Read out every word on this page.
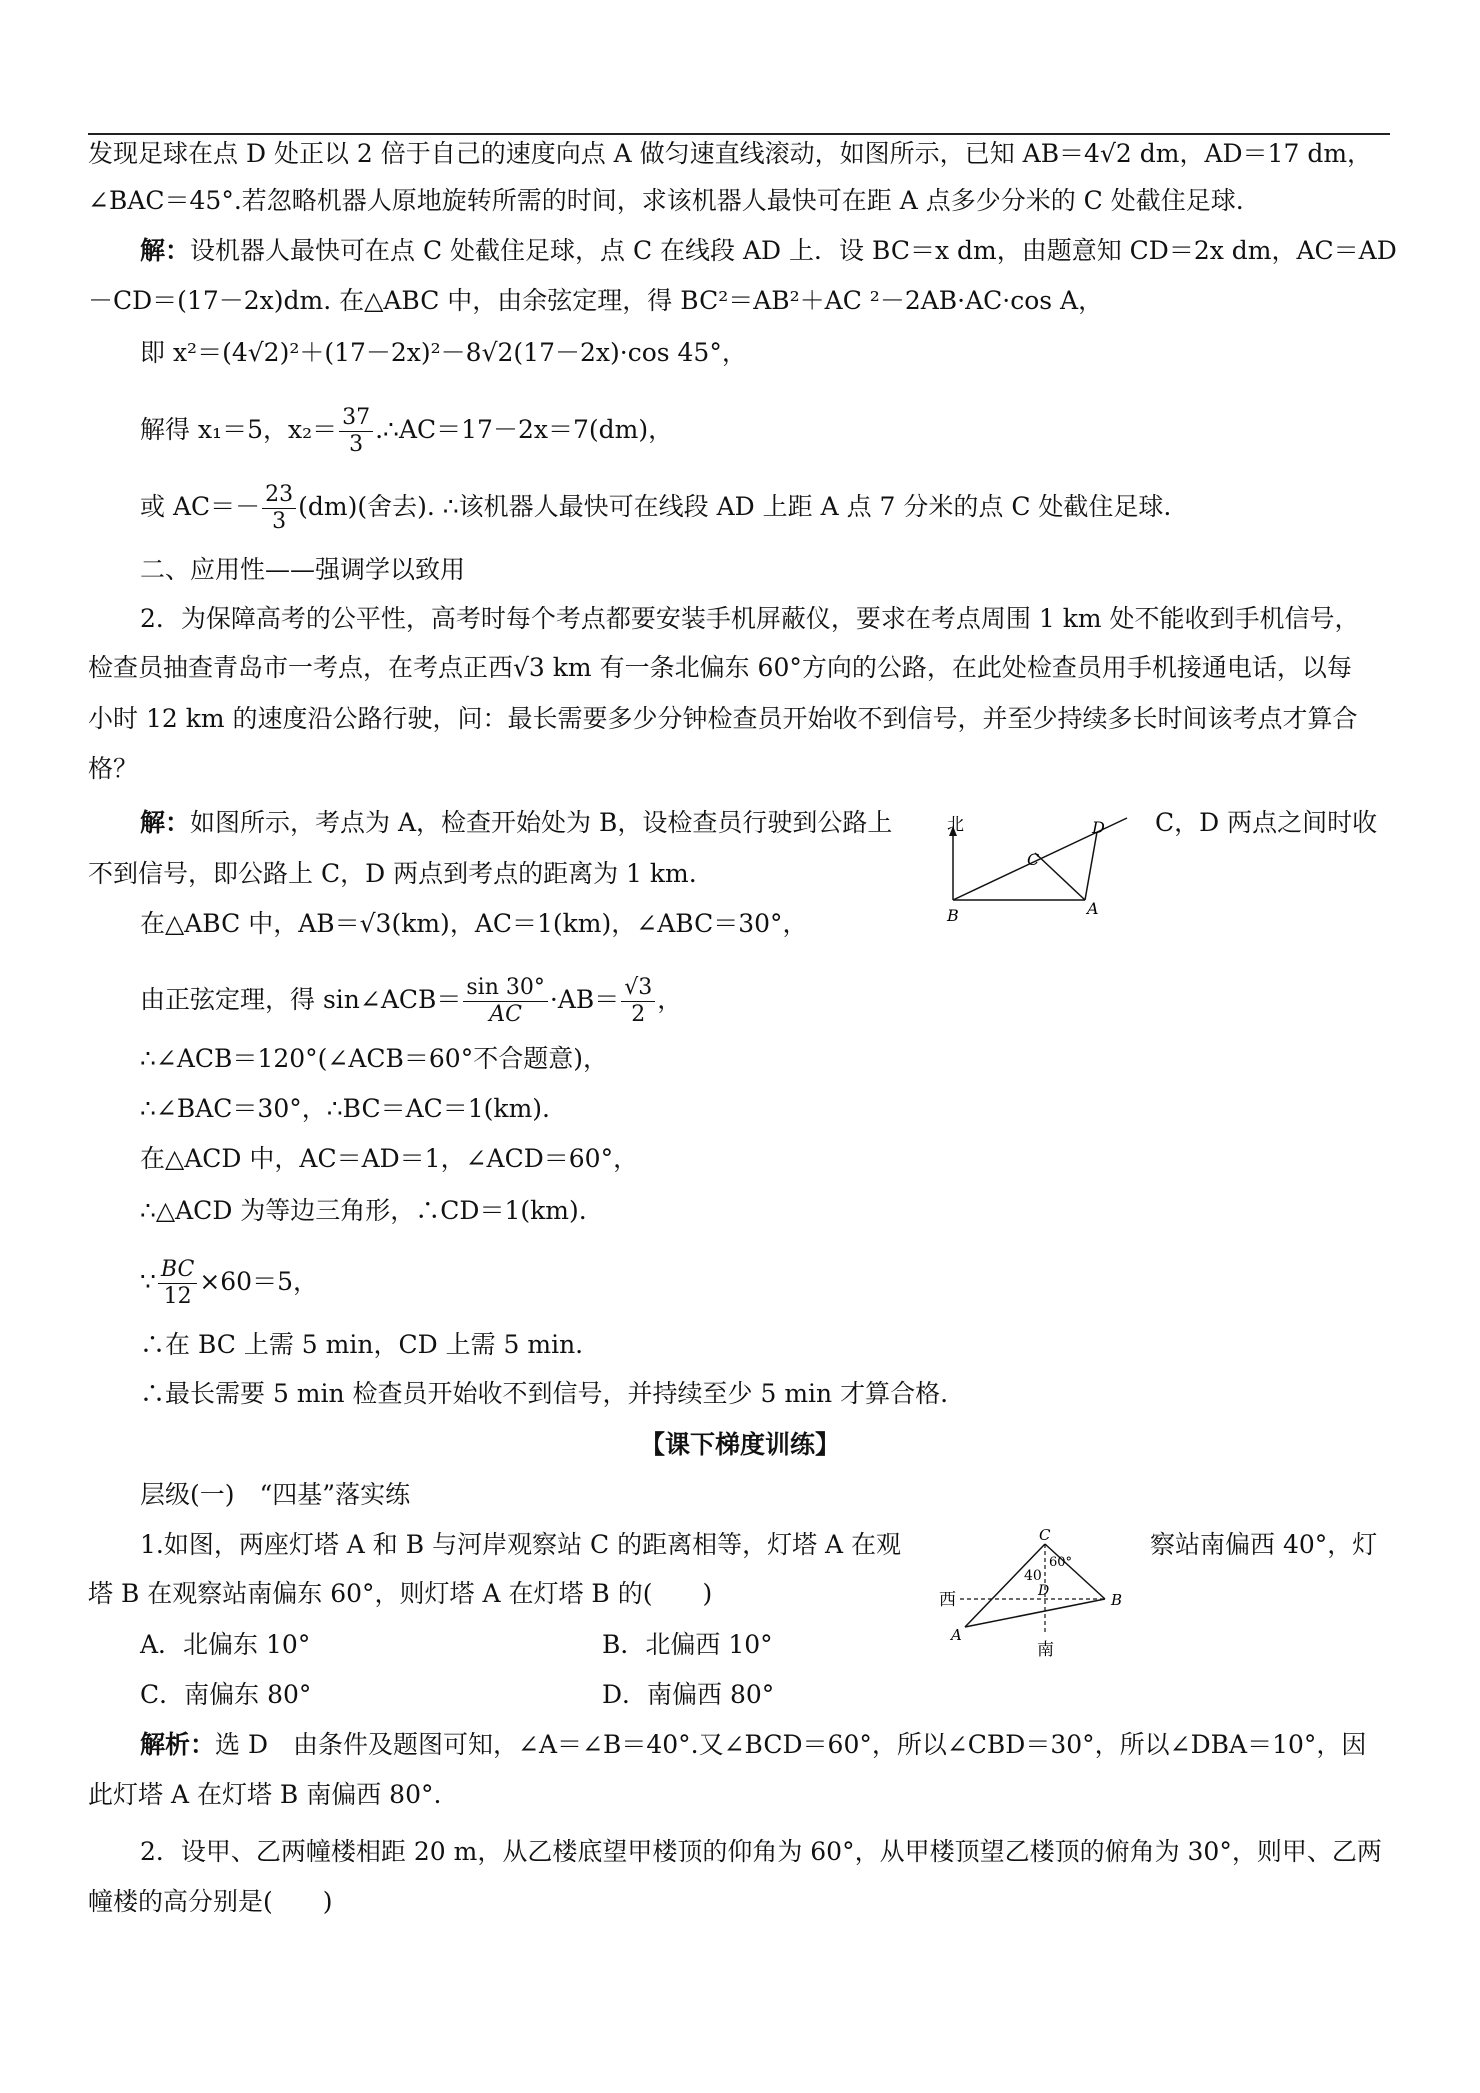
发现足球在点 D 处正以 2 倍于自己的速度向点 A 做匀速直线滚动，如图所示，已知 AB＝4√2 dm，AD＝17 dm，
∠BAC＝45°.若忽略机器人原地旋转所需的时间，求该机器人最快可在距 A 点多少分米的 C 处截住足球.
解：设机器人最快可在点 C 处截住足球，点 C 在线段 AD 上．设 BC＝x dm，由题意知 CD＝2x dm，AC＝AD
－CD＝(17－2x)dm. 在△ABC 中，由余弦定理，得 BC²＝AB²＋AC ²－2AB·AC·cos A，
即 x²＝(4√2)²＋(17－2x)²－8√2(17－2x)·cos 45°，
解得 x₁＝5，$x_2= \frac{37}{3}$ .∴AC＝17－2x＝7(dm)，
或 $AC=- \frac{23}{3} (dm)$(舍去). ∴该机器人最快可在线段 AD 上距 A 点 7 分米的点 C 处截住足球.
二、应用性——强调学以致用
2．为保障高考的公平性，高考时每个考点都要安装手机屏蔽仪，要求在考点周围 1 km 处不能收到手机信号，
检查员抽查青岛市一考点，在考点正西√3 km 有一条北偏东 60°方向的公路，在此处检查员用手机接通电话，以每
小时 12 km 的速度沿公路行驶，问：最长需要多少分钟检查员开始收不到信号，并至少持续多长时间该考点才算合
格？
解：如图所示，考点为 A，检查开始处为 B，设检查员行驶到公路上	C，D 两点之间时收
不到信号，即公路上 C，D 两点到考点的距离为 1 km.
北
B
C
D
A
在△ABC 中，AB＝√3(km)，AC＝1(km)，∠ABC＝30°，
由正弦定理，得 sin∠ACB＝ $\frac{\sin 30^\circ}{AC} \cdot AB= \frac{√3}{2}$ ，
∴∠ACB＝120°(∠ACB＝60°不合题意)，
∴∠BAC＝30°，∴BC＝AC＝1(km).
在△ACD 中，AC＝AD＝1，∠ACD＝60°，
∴△ACD 为等边三角形，∴CD＝1(km).
∵ $\frac{BC}{12} \times 60=5$，
∴在 BC 上需 5 min，CD 上需 5 min.
∴最长需要 5 min 检查员开始收不到信号，并持续至少 5 min 才算合格.
【课下梯度训练】
层级(一)　“四基”落实练
1.如图，两座灯塔 A 和 B 与河岸观察站 C 的距离相等，灯塔 A 在观	察站南偏西 40°，灯
塔 B 在观察站南偏东 60°，则灯塔 A 在灯塔 B 的(　　)
C
西
南
A
B
D
40
60°
A．北偏东 10°	B．北偏西 10°
C．南偏东 80°	D．南偏西 80°
解析：选 D　由条件及题图可知，∠A＝∠B＝40°.又∠BCD＝60°，所以∠CBD＝30°，所以∠DBA＝10°，因
此灯塔 A 在灯塔 B 南偏西 80°.
2．设甲、乙两幢楼相距 20 m，从乙楼底望甲楼顶的仰角为 60°，从甲楼顶望乙楼顶的俯角为 30°，则甲、乙两
幢楼的高分别是(　　)
